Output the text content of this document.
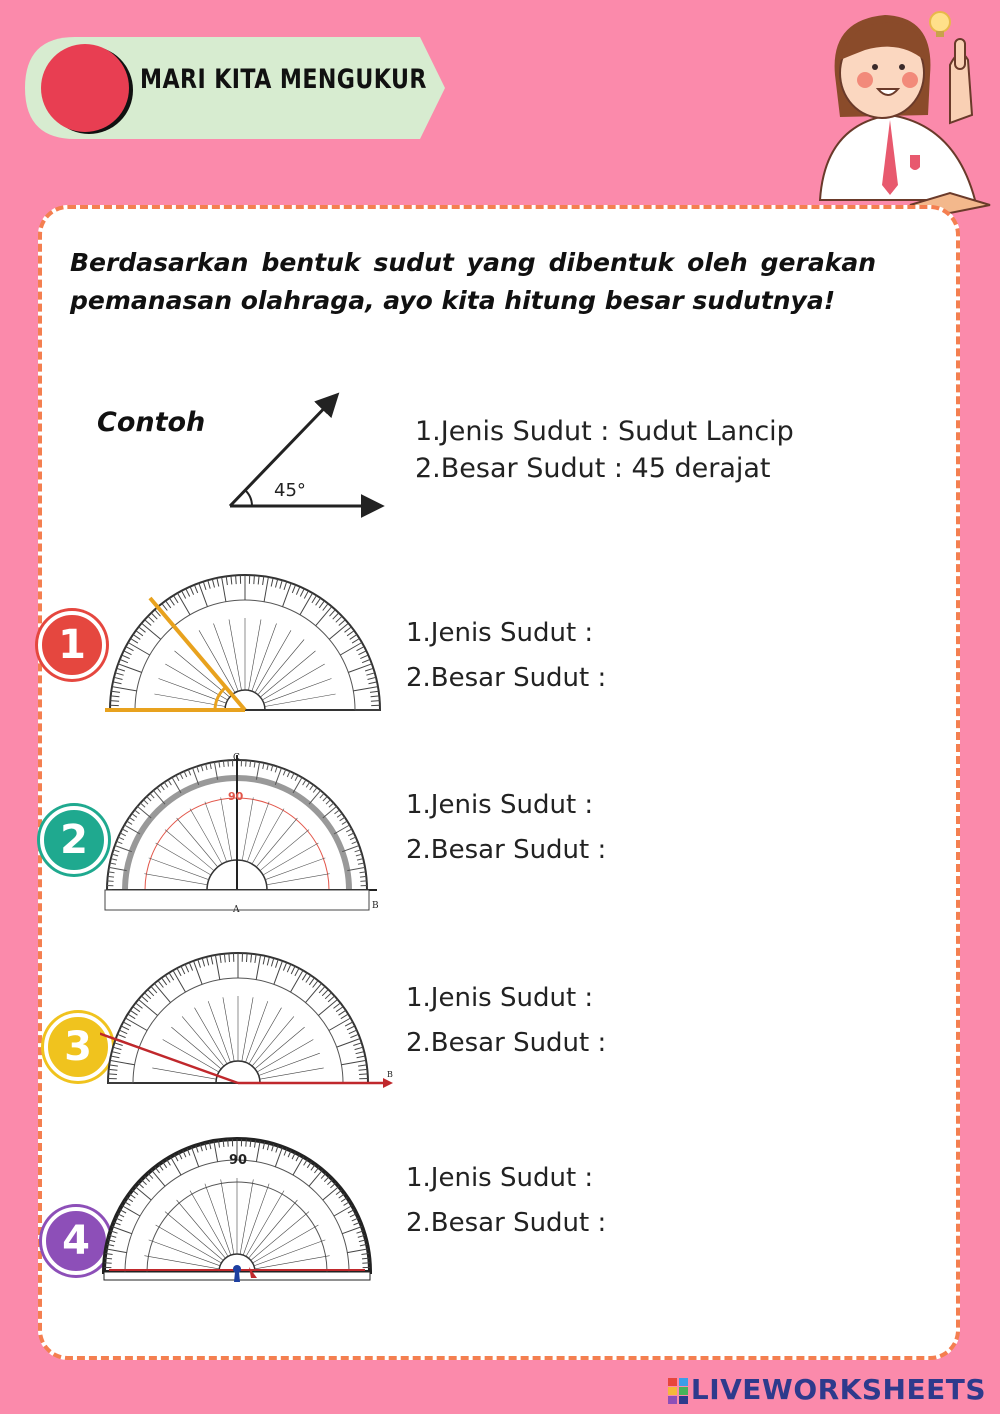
MARI KITA MENGUKUR
Berdasarkan bentuk sudut yang dibentuk oleh gerakan pemanasan olahraga, ayo kita hitung besar sudutnya!
Contoh
45°
1.Jenis Sudut : Sudut Lancip
2.Besar Sudut : 45 derajat
1	1.Jenis Sudut :
2.Besar Sudut :
2
C
A	B
90	1.Jenis Sudut :
2.Besar Sudut :
3
B
1.Jenis Sudut :
2.Besar Sudut :
4
90
1.Jenis Sudut :
2.Besar Sudut :
LIVEWORKSHEETS
